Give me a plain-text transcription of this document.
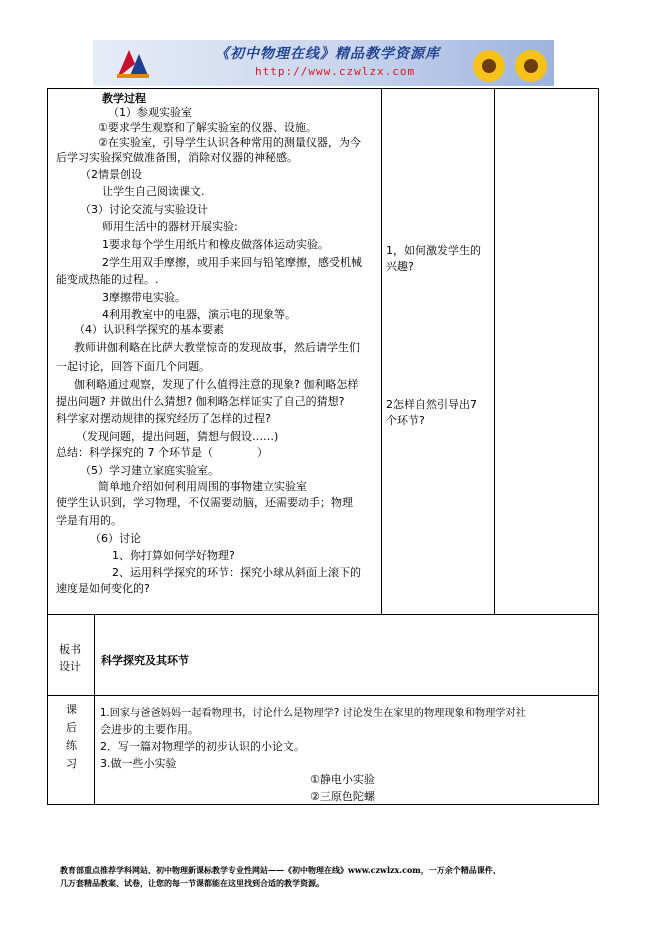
《初中物理在线》精品教学资源库
http://www.czwlzx.com
教学过程
（1）参观实验室
①要求学生观察和了解实验室的仪器、设施。
②在实验室，引导学生认识各种常用的测量仪器，为今
后学习实验探究做准备围，消除对仪器的神秘感。
（2情景创设
让学生自己阅读课文.
（3）讨论交流与实验设计
师用生活中的器材开展实验:
1要求每个学生用纸片和橡皮做落体运动实验。
2学生用双手摩擦，或用手来回与铅笔摩擦，感受机械
能变成热能的过程。.
3摩擦带电实验。
4利用教室中的电器，演示电的现象等。
（4）认识科学探究的基本要素
教师讲伽利略在比萨大教堂惊奇的发现故事，然后请学生们
一起讨论，回答下面几个问题。
伽利略通过观察，发现了什么值得注意的现象? 伽利略怎样
提出问题? 并做出什么猜想? 伽利略怎样证实了自己的猜想?
科学家对摆动规律的探究经历了怎样的过程?
（发现问题，提出问题，猜想与假设……)
总结：科学探究的 7 个环节是（　　　　）
（5）学习建立家庭实验室。
简单地介绍如何利用周围的事物建立实验室
使学生认识到，学习物理，不仅需要动脑，还需要动手；物理
学是有用的。
（6）讨论
1、你打算如何学好物理?
2、运用科学探究的环节：探究小球从斜面上滚下的
速度是如何变化的?
1，如何激发学生的
兴趣?
2怎样自然引导出7
个环节?
板书
设计 科学探究及其环节
课
后
练
习
1.回家与爸爸妈妈一起看物理书，讨论什么是物理学? 讨论发生在家里的物理现象和物理学对社
会进步的主要作用。
2．写一篇对物理学的初步认识的小论文。
3.做一些小实验
①静电小实验
②三原色陀螺
教育部重点推荐学科网站、初中物理新课标教学专业性网站——《初中物理在线》www.czwlzx.com，一万余个精品课件、
几万套精品教案、试卷，让您的每一节课都能在这里找到合适的教学资源。
